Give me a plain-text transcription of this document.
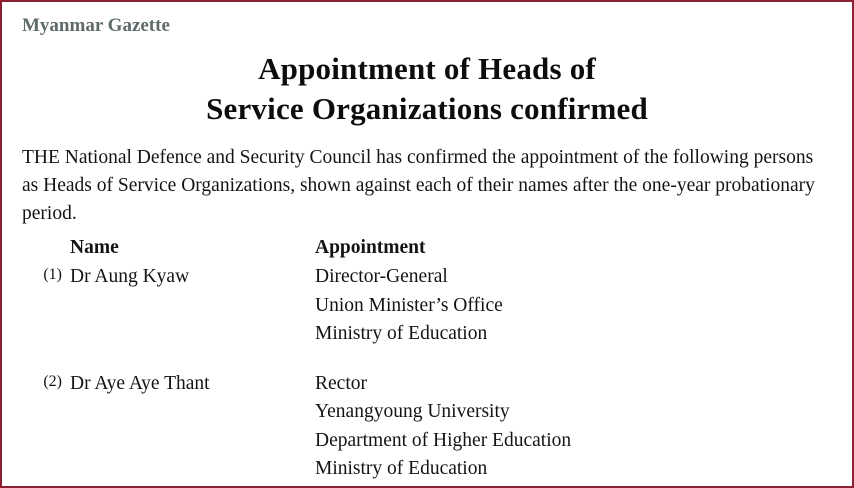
Myanmar Gazette
Appointment of Heads of
Service Organizations confirmed
THE National Defence and Security Council has confirmed the appointment of the following persons as Heads of Service Organizations, shown against each of their names after the one-year probationary period.
Name	Appointment
(1) Dr Aung Kyaw	Director-General
Union Minister’s Office
Ministry of Education
(2) Dr Aye Aye Thant	Rector
Yenangyoung University
Department of Higher Education
Ministry of Education
